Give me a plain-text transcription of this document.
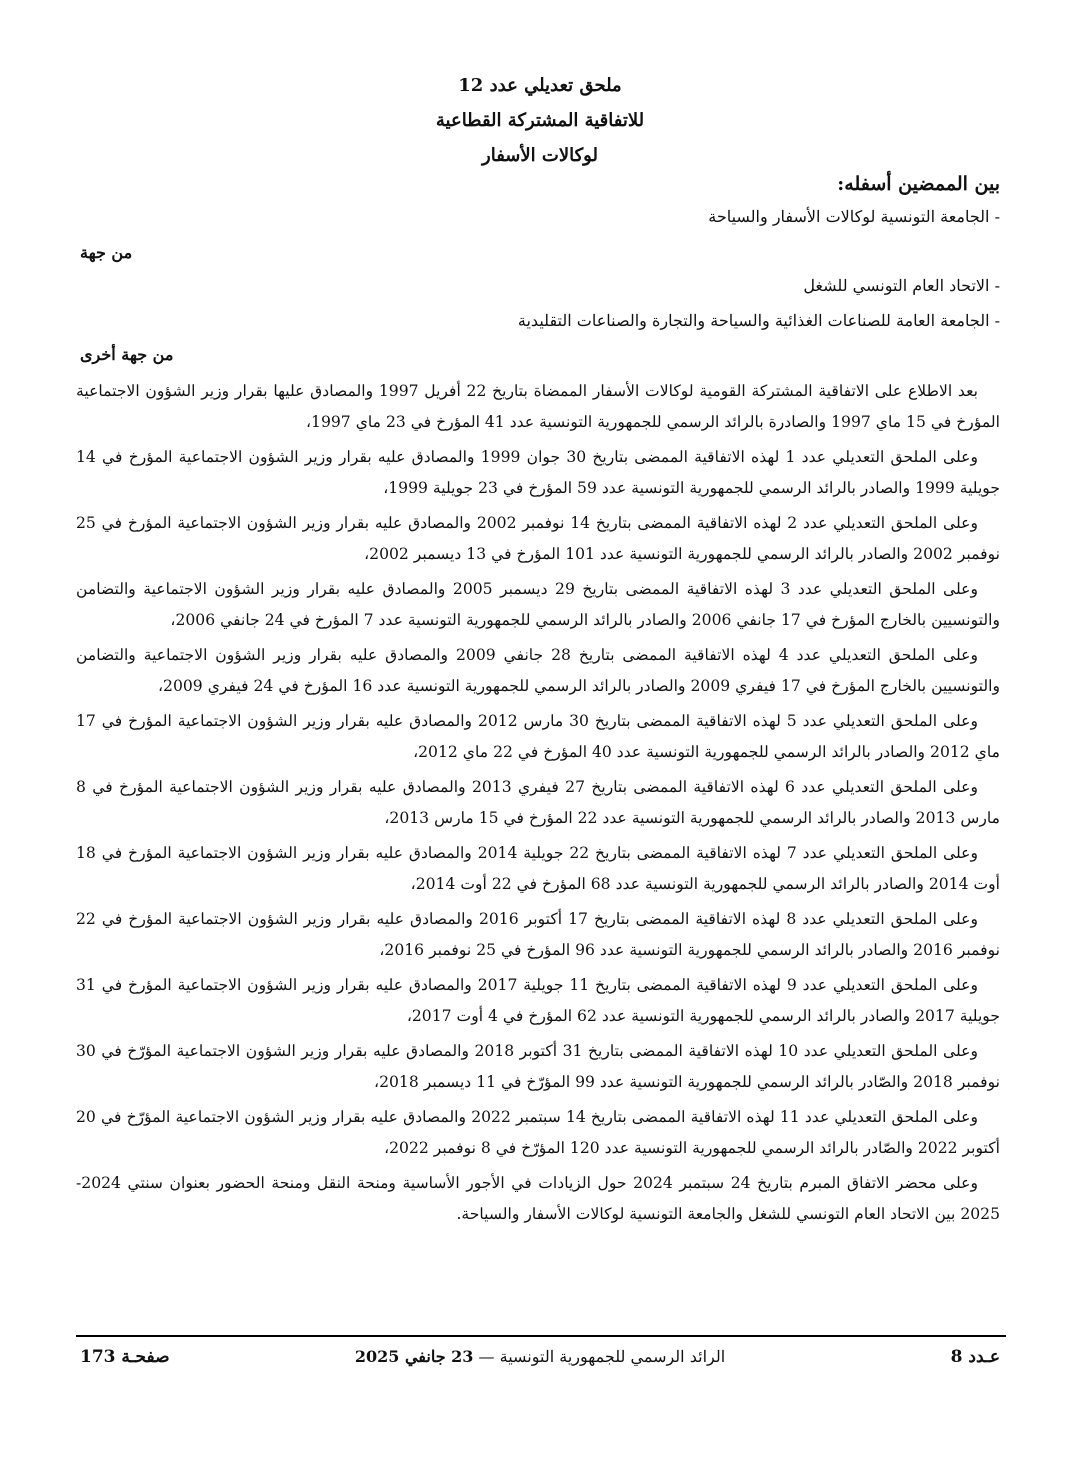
ملحق تعديلي عدد 12
للاتفاقية المشتركة القطاعية
لوكالات الأسفار
بين الممضين أسفله:
- الجامعة التونسية لوكالات الأسفار والسياحة
من جهة
- الاتحاد العام التونسي للشغل
- الجامعة العامة للصناعات الغذائية والسياحة والتجارة والصناعات التقليدية
من جهة أخرى

بعد الاطلاع على الاتفاقية المشتركة القومية لوكالات الأسفار الممضاة بتاريخ 22 أفريل 1997 والمصادق عليها بقرار وزير الشؤون الاجتماعية المؤرخ في 15 ماي 1997 والصادرة بالرائد الرسمي للجمهورية التونسية عدد 41 المؤرخ في 23 ماي 1997،

وعلى الملحق التعديلي عدد 1 لهذه الاتفاقية الممضى بتاريخ 30 جوان 1999 والمصادق عليه بقرار وزير الشؤون الاجتماعية المؤرخ في 14 جويلية 1999 والصادر بالرائد الرسمي للجمهورية التونسية عدد 59 المؤرخ في 23 جويلية 1999،

وعلى الملحق التعديلي عدد 2 لهذه الاتفاقية الممضى بتاريخ 14 نوفمبر 2002 والمصادق عليه بقرار وزير الشؤون الاجتماعية المؤرخ في 25 نوفمبر 2002 والصادر بالرائد الرسمي للجمهورية التونسية عدد 101 المؤرخ في 13 ديسمبر 2002،

وعلى الملحق التعديلي عدد 3 لهذه الاتفاقية الممضى بتاريخ 29 ديسمبر 2005 والمصادق عليه بقرار وزير الشؤون الاجتماعية والتضامن والتونسيين بالخارج المؤرخ في 17 جانفي 2006 والصادر بالرائد الرسمي للجمهورية التونسية عدد 7 المؤرخ في 24 جانفي 2006،

وعلى الملحق التعديلي عدد 4 لهذه الاتفاقية الممضى بتاريخ 28 جانفي 2009 والمصادق عليه بقرار وزير الشؤون الاجتماعية والتضامن والتونسيين بالخارج المؤرخ في 17 فيفري 2009 والصادر بالرائد الرسمي للجمهورية التونسية عدد 16 المؤرخ في 24 فيفري 2009،

وعلى الملحق التعديلي عدد 5 لهذه الاتفاقية الممضى بتاريخ 30 مارس 2012 والمصادق عليه بقرار وزير الشؤون الاجتماعية المؤرخ في 17 ماي 2012 والصادر بالرائد الرسمي للجمهورية التونسية عدد 40 المؤرخ في 22 ماي 2012،

وعلى الملحق التعديلي عدد 6 لهذه الاتفاقية الممضى بتاريخ 27 فيفري 2013 والمصادق عليه بقرار وزير الشؤون الاجتماعية المؤرخ في 8 مارس 2013 والصادر بالرائد الرسمي للجمهورية التونسية عدد 22 المؤرخ في 15 مارس 2013،

وعلى الملحق التعديلي عدد 7 لهذه الاتفاقية الممضى بتاريخ 22 جويلية 2014 والمصادق عليه بقرار وزير الشؤون الاجتماعية المؤرخ في 18 أوت 2014 والصادر بالرائد الرسمي للجمهورية التونسية عدد 68 المؤرخ في 22 أوت 2014،

وعلى الملحق التعديلي عدد 8 لهذه الاتفاقية الممضى بتاريخ 17 أكتوبر 2016 والمصادق عليه بقرار وزير الشؤون الاجتماعية المؤرخ في 22 نوفمبر 2016 والصادر بالرائد الرسمي للجمهورية التونسية عدد 96 المؤرخ في 25 نوفمبر 2016،

وعلى الملحق التعديلي عدد 9 لهذه الاتفاقية الممضى بتاريخ 11 جويلية 2017 والمصادق عليه بقرار وزير الشؤون الاجتماعية المؤرخ في 31 جويلية 2017 والصادر بالرائد الرسمي للجمهورية التونسية عدد 62 المؤرخ في 4 أوت 2017،

وعلى الملحق التعديلي عدد 10 لهذه الاتفاقية الممضى بتاريخ 31 أكتوبر 2018 والمصادق عليه بقرار وزير الشؤون الاجتماعية المؤرّخ في 30 نوفمبر 2018 والصّادر بالرائد الرسمي للجمهورية التونسية عدد 99 المؤرّخ في 11 ديسمبر 2018،

وعلى الملحق التعديلي عدد 11 لهذه الاتفاقية الممضى بتاريخ 14 سبتمبر 2022 والمصادق عليه بقرار وزير الشؤون الاجتماعية المؤرّخ في 20 أكتوبر 2022 والصّادر بالرائد الرسمي للجمهورية التونسية عدد 120 المؤرّخ في 8 نوفمبر 2022،

وعلى محضر الاتفاق المبرم بتاريخ 24 سبتمبر 2024 حول الزيادات في الأجور الأساسية ومنحة النقل ومنحة الحضور بعنوان سنتي 2024-2025 بين الاتحاد العام التونسي للشغل والجامعة التونسية لوكالات الأسفار والسياحة.

عـدد 8
الرائد الرسمي للجمهورية التونسية — 23 جانفي 2025
صفحـة 173
